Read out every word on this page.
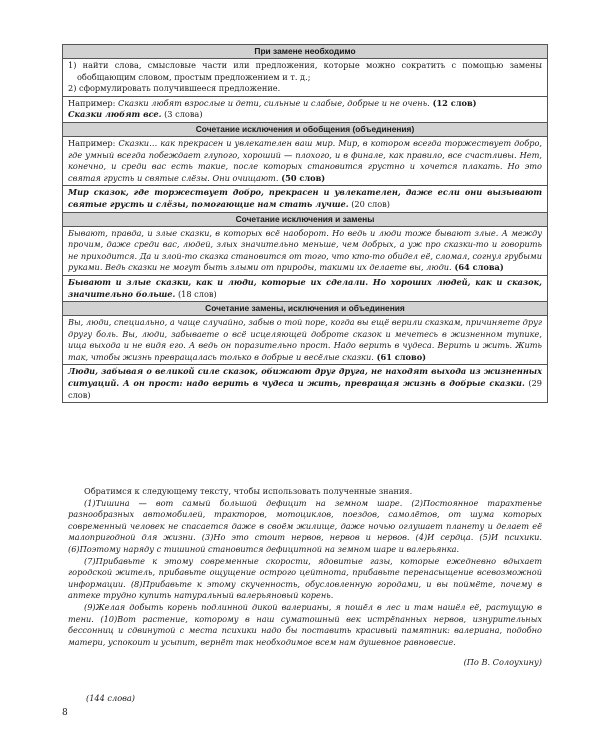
При замене необходимо
1) найти слова, смысловые части или предложения, которые можно сократить с помощью замены обобщающим словом, простым предложением и т. д.;
2) сформулировать получившееся предложение.
Например: Сказки любят взрослые и дети, сильные и слабые, добрые и не очень. (12 слов)
Сказки любят все. (3 слова)
Сочетание исключения и обобщения (объединения)
Например: Сказки… как прекрасен и увлекателен ваш мир. Мир, в котором всегда торжествует добро, где умный всегда побеждает глупого, хороший — плохого, и в финале, как правило, все счастливы. Нет, конечно, и среди вас есть такие, после которых становится грустно и хочется плакать. Но это святая грусть и святые слёзы. Они очищают. (50 слов)
Мир сказок, где торжествует добро, прекрасен и увлекателен, даже если они вызывают святые грусть и слёзы, помогающие нам стать лучше. (20 слов)
Сочетание исключения и замены
Бывают, правда, и злые сказки, в которых всё наоборот. Но ведь и люди тоже бывают злые. А между прочим, даже среди вас, людей, злых значительно меньше, чем добрых, а уж про сказки-то и говорить не приходится. Да и злой-то сказка становится от того, что кто-то обидел её, сломал, согнул грубыми руками. Ведь сказки не могут быть злыми от природы, такими их делаете вы, люди. (64 слова)
Бывают и злые сказки, как и люди, которые их сделали. Но хороших людей, как и сказок, значительно больше. (18 слов)
Сочетание замены, исключения и объединения
Вы, люди, специально, а чаще случайно, забыв о той поре, когда вы ещё верили сказкам, причиняете друг другу боль. Вы, люди, забываете о всё исцеляющей доброте сказок и мечетесь в жизненном тупике, ища выхода и не видя его. А ведь он поразительно прост. Надо верить в чудеса. Верить и жить. Жить так, чтобы жизнь превращалась только в добрые и весёлые сказки. (61 слово)
Люди, забывая о великой силе сказок, обижают друг друга, не находят выхода из жизненных ситуаций. А он прост: надо верить в чудеса и жить, превращая жизнь в добрые сказки. (29 слов)

Обратимся к следующему тексту, чтобы использовать полученные знания.

(1)Тишина — вот самый большой дефицит на земном шаре. (2)Постоянное тарахтенье разнообразных автомобилей, тракторов, мотоциклов, поездов, самолётов, от шума которых современный человек не спасается даже в своём жилище, даже ночью оглушает планету и делает её малопригодной для жизни. (3)Но это стоит нервов, нервов и нервов. (4)И сердца. (5)И психики. (6)Поэтому наряду с тишиной становится дефицитной на земном шаре и валерьянка.

(7)Прибавьте к этому современные скорости, ядовитые газы, которые ежедневно вдыхает городской житель, прибавьте ощущение острого цейтнота, прибавьте перенасыщение всевозможной информации. (8)Прибавьте к этому скученность, обусловленную городами, и вы поймёте, почему в аптеке трудно купить натуральный валерьяновый корень.

(9)Желая добыть корень подлинной дикой валерианы, я пошёл в лес и там нашёл её, растущую в тени. (10)Вот растение, которому в наш суматошный век истрёпанных нервов, изнурительных бессонниц и сдвинутой с места психики надо бы поставить красивый памятник: валериана, подобно матери, успокоит и усыпит, вернёт так необходимое всем нам душевное равновесие.

(По В. Солоухину)
(144 слова)
8
